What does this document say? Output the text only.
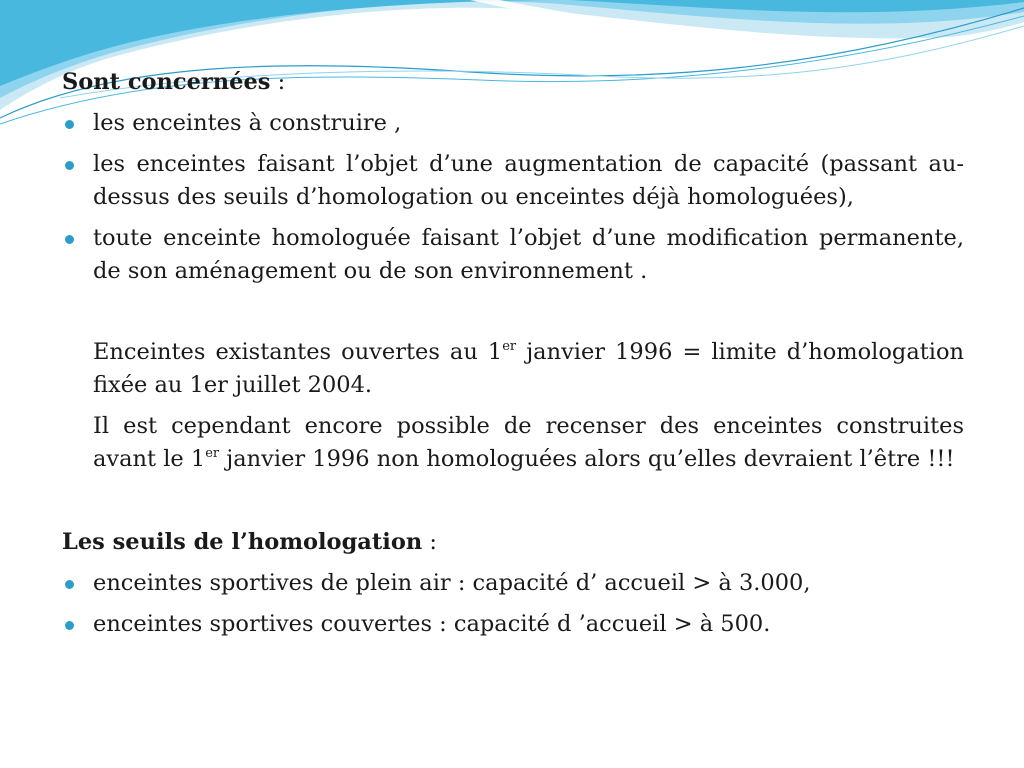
Sont concernées :

les enceintes à construire ,
les enceintes faisant l’objet d’une augmentation de capacité (passant au-dessus des seuils d’homologation ou enceintes déjà homologuées),
toute enceinte homologuée faisant l’objet d’une modification permanente, de son aménagement ou de son environnement .

Enceintes existantes ouvertes au 1er janvier 1996 = limite d’homologation fixée au 1er juillet 2004.

Il est cependant encore possible de recenser des enceintes construites avant le 1er janvier 1996 non homologuées alors qu’elles devraient l’être !!!

Les seuils de l’homologation :

enceintes sportives de plein air : capacité d’ accueil > à 3.000,
enceintes sportives couvertes : capacité d ’accueil > à 500.
